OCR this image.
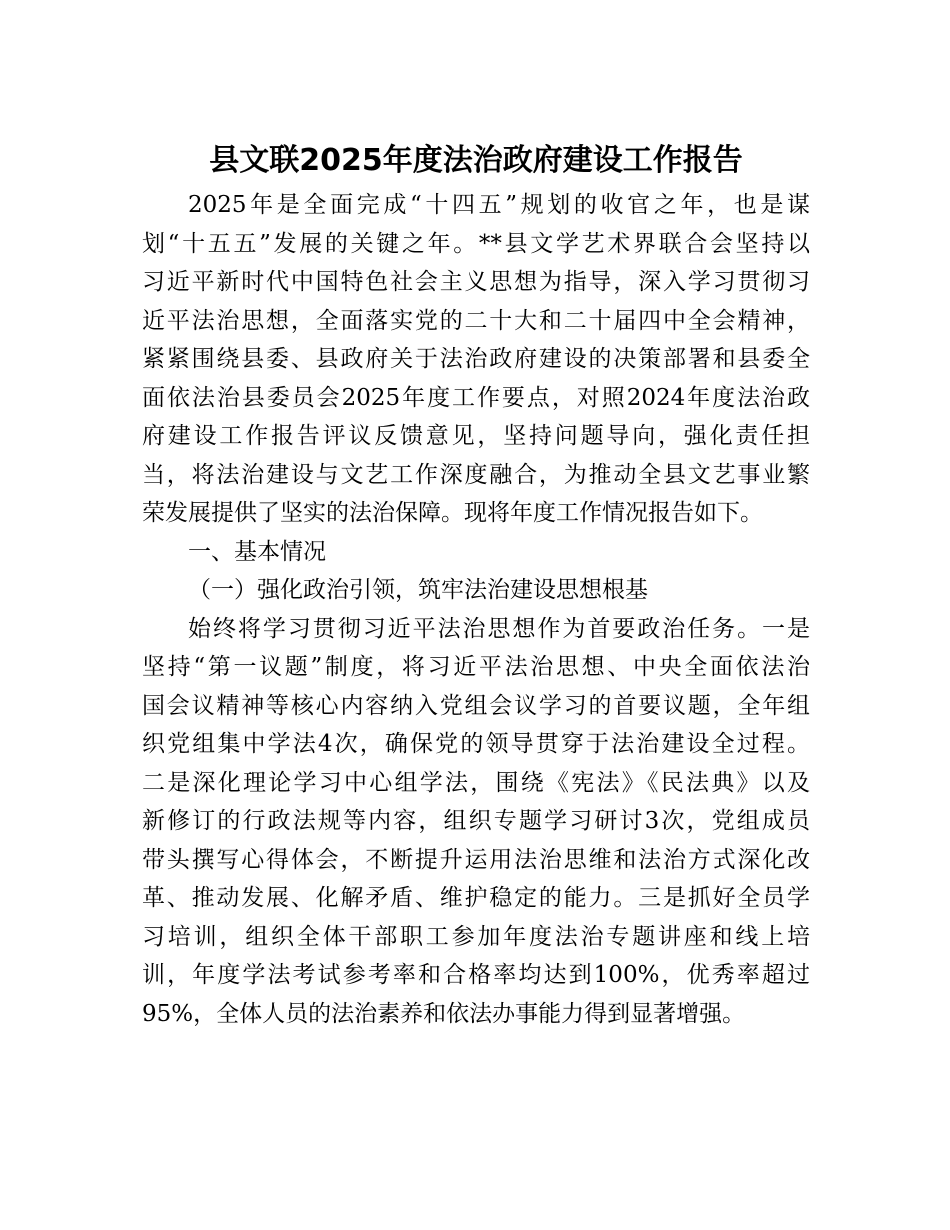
县文联2025年度法治政府建设工作报告

2025年是全面完成“十四五”规划的收官之年，也是谋

划“十五五”发展的关键之年。**县文学艺术界联合会坚持以

习近平新时代中国特色社会主义思想为指导，深入学习贯彻习

近平法治思想，全面落实党的二十大和二十届四中全会精神，

紧紧围绕县委、县政府关于法治政府建设的决策部署和县委全

面依法治县委员会2025年度工作要点，对照2024年度法治政

府建设工作报告评议反馈意见，坚持问题导向，强化责任担

当，将法治建设与文艺工作深度融合，为推动全县文艺事业繁

荣发展提供了坚实的法治保障。现将年度工作情况报告如下。

一、基本情况

（一）强化政治引领，筑牢法治建设思想根基

始终将学习贯彻习近平法治思想作为首要政治任务。一是

坚持“第一议题”制度，将习近平法治思想、中央全面依法治

国会议精神等核心内容纳入党组会议学习的首要议题，全年组

织党组集中学法4次，确保党的领导贯穿于法治建设全过程。

二是深化理论学习中心组学法，围绕《宪法》《民法典》以及

新修订的行政法规等内容，组织专题学习研讨3次，党组成员

带头撰写心得体会，不断提升运用法治思维和法治方式深化改

革、推动发展、化解矛盾、维护稳定的能力。三是抓好全员学

习培训，组织全体干部职工参加年度法治专题讲座和线上培

训，年度学法考试参考率和合格率均达到100%，优秀率超过

95%，全体人员的法治素养和依法办事能力得到显著增强。
